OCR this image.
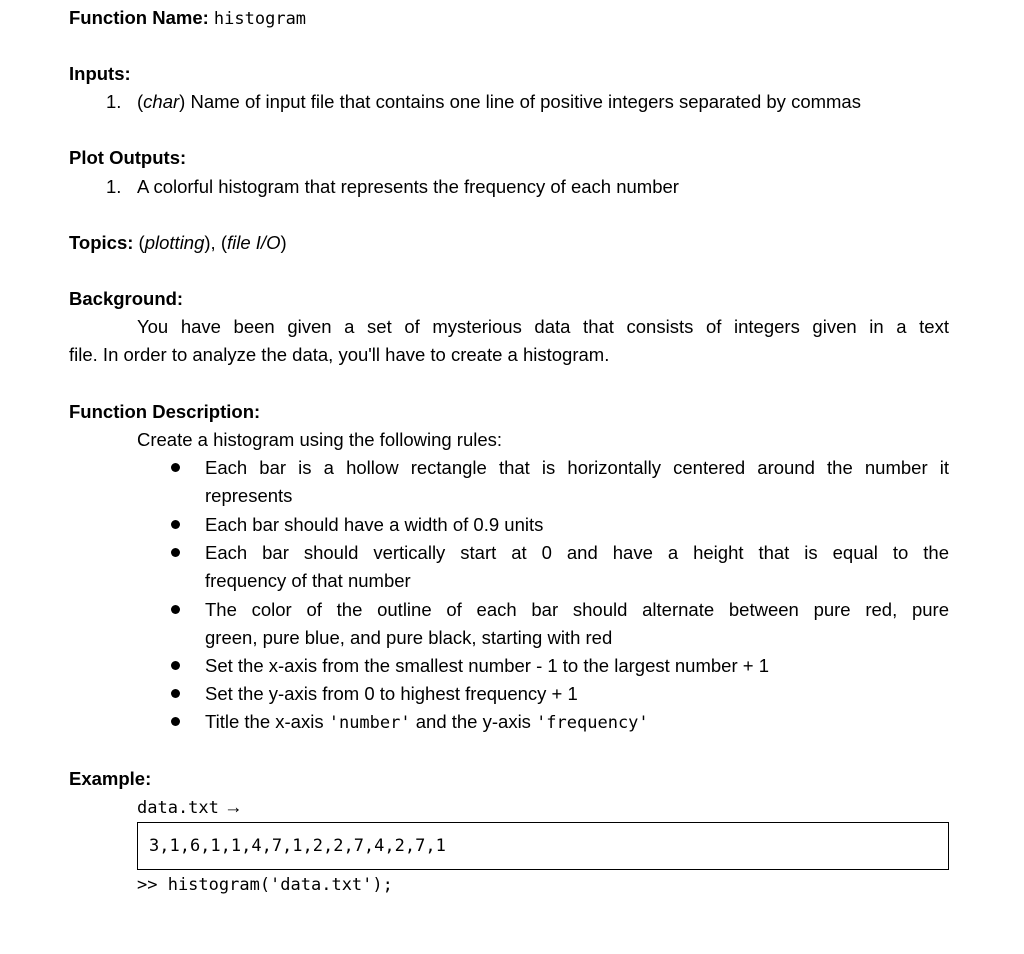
Function Name: histogram
Inputs:
1. (char) Name of input file that contains one line of positive integers separated by commas
Plot Outputs:
1. A colorful histogram that represents the frequency of each number
Topics: (plotting), (file I/O)
Background:
You have been given a set of mysterious data that consists of integers given in a text
file. In order to analyze the data, you'll have to create a histogram.
Function Description:
Create a histogram using the following rules:
Each bar is a hollow rectangle that is horizontally centered around the number it
represents
Each bar should have a width of 0.9 units
Each bar should vertically start at 0 and have a height that is equal to the
frequency of that number
The color of the outline of each bar should alternate between pure red, pure
green, pure blue, and pure black, starting with red
Set the x-axis from the smallest number - 1 to the largest number + 1
Set the y-axis from 0 to highest frequency + 1
Title the x-axis 'number' and the y-axis 'frequency'
Example:
data.txt →
3,1,6,1,1,4,7,1,2,2,7,4,2,7,1
>> histogram('data.txt');
